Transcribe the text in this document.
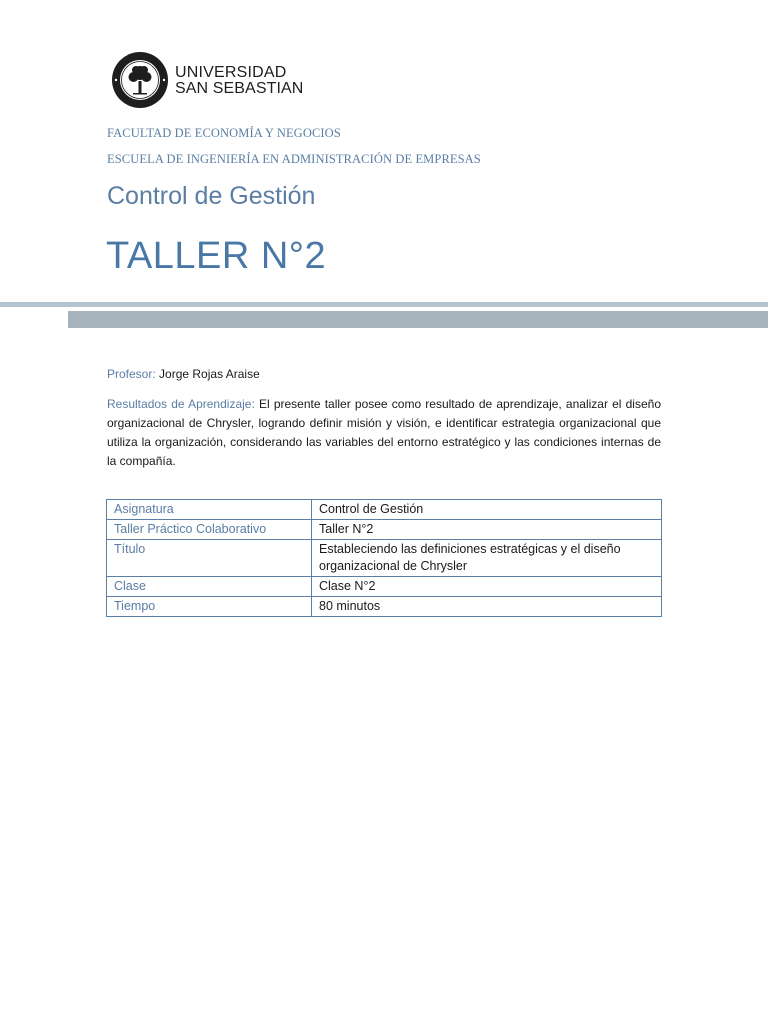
UNIVERSIDAD
SAN SEBASTIAN
FACULTAD DE ECONOMÍA Y NEGOCIOS
ESCUELA DE INGENIERÍA EN ADMINISTRACIÓN DE EMPRESAS
Control de Gestión
TALLER N°2
Profesor: Jorge Rojas Araise
Resultados de Aprendizaje: El presente taller posee como resultado de aprendizaje, analizar el diseño organizacional de Chrysler, logrando definir misión y visión, e identificar estrategia organizacional que utiliza la organización, considerando las variables del entorno estratégico y las condiciones internas de la compañía.
Asignatura	Control de Gestión
Taller Práctico Colaborativo	Taller N°2
Título	Estableciendo las definiciones estratégicas y el diseño organizacional de Chrysler
Clase	Clase N°2
Tiempo	80 minutos
